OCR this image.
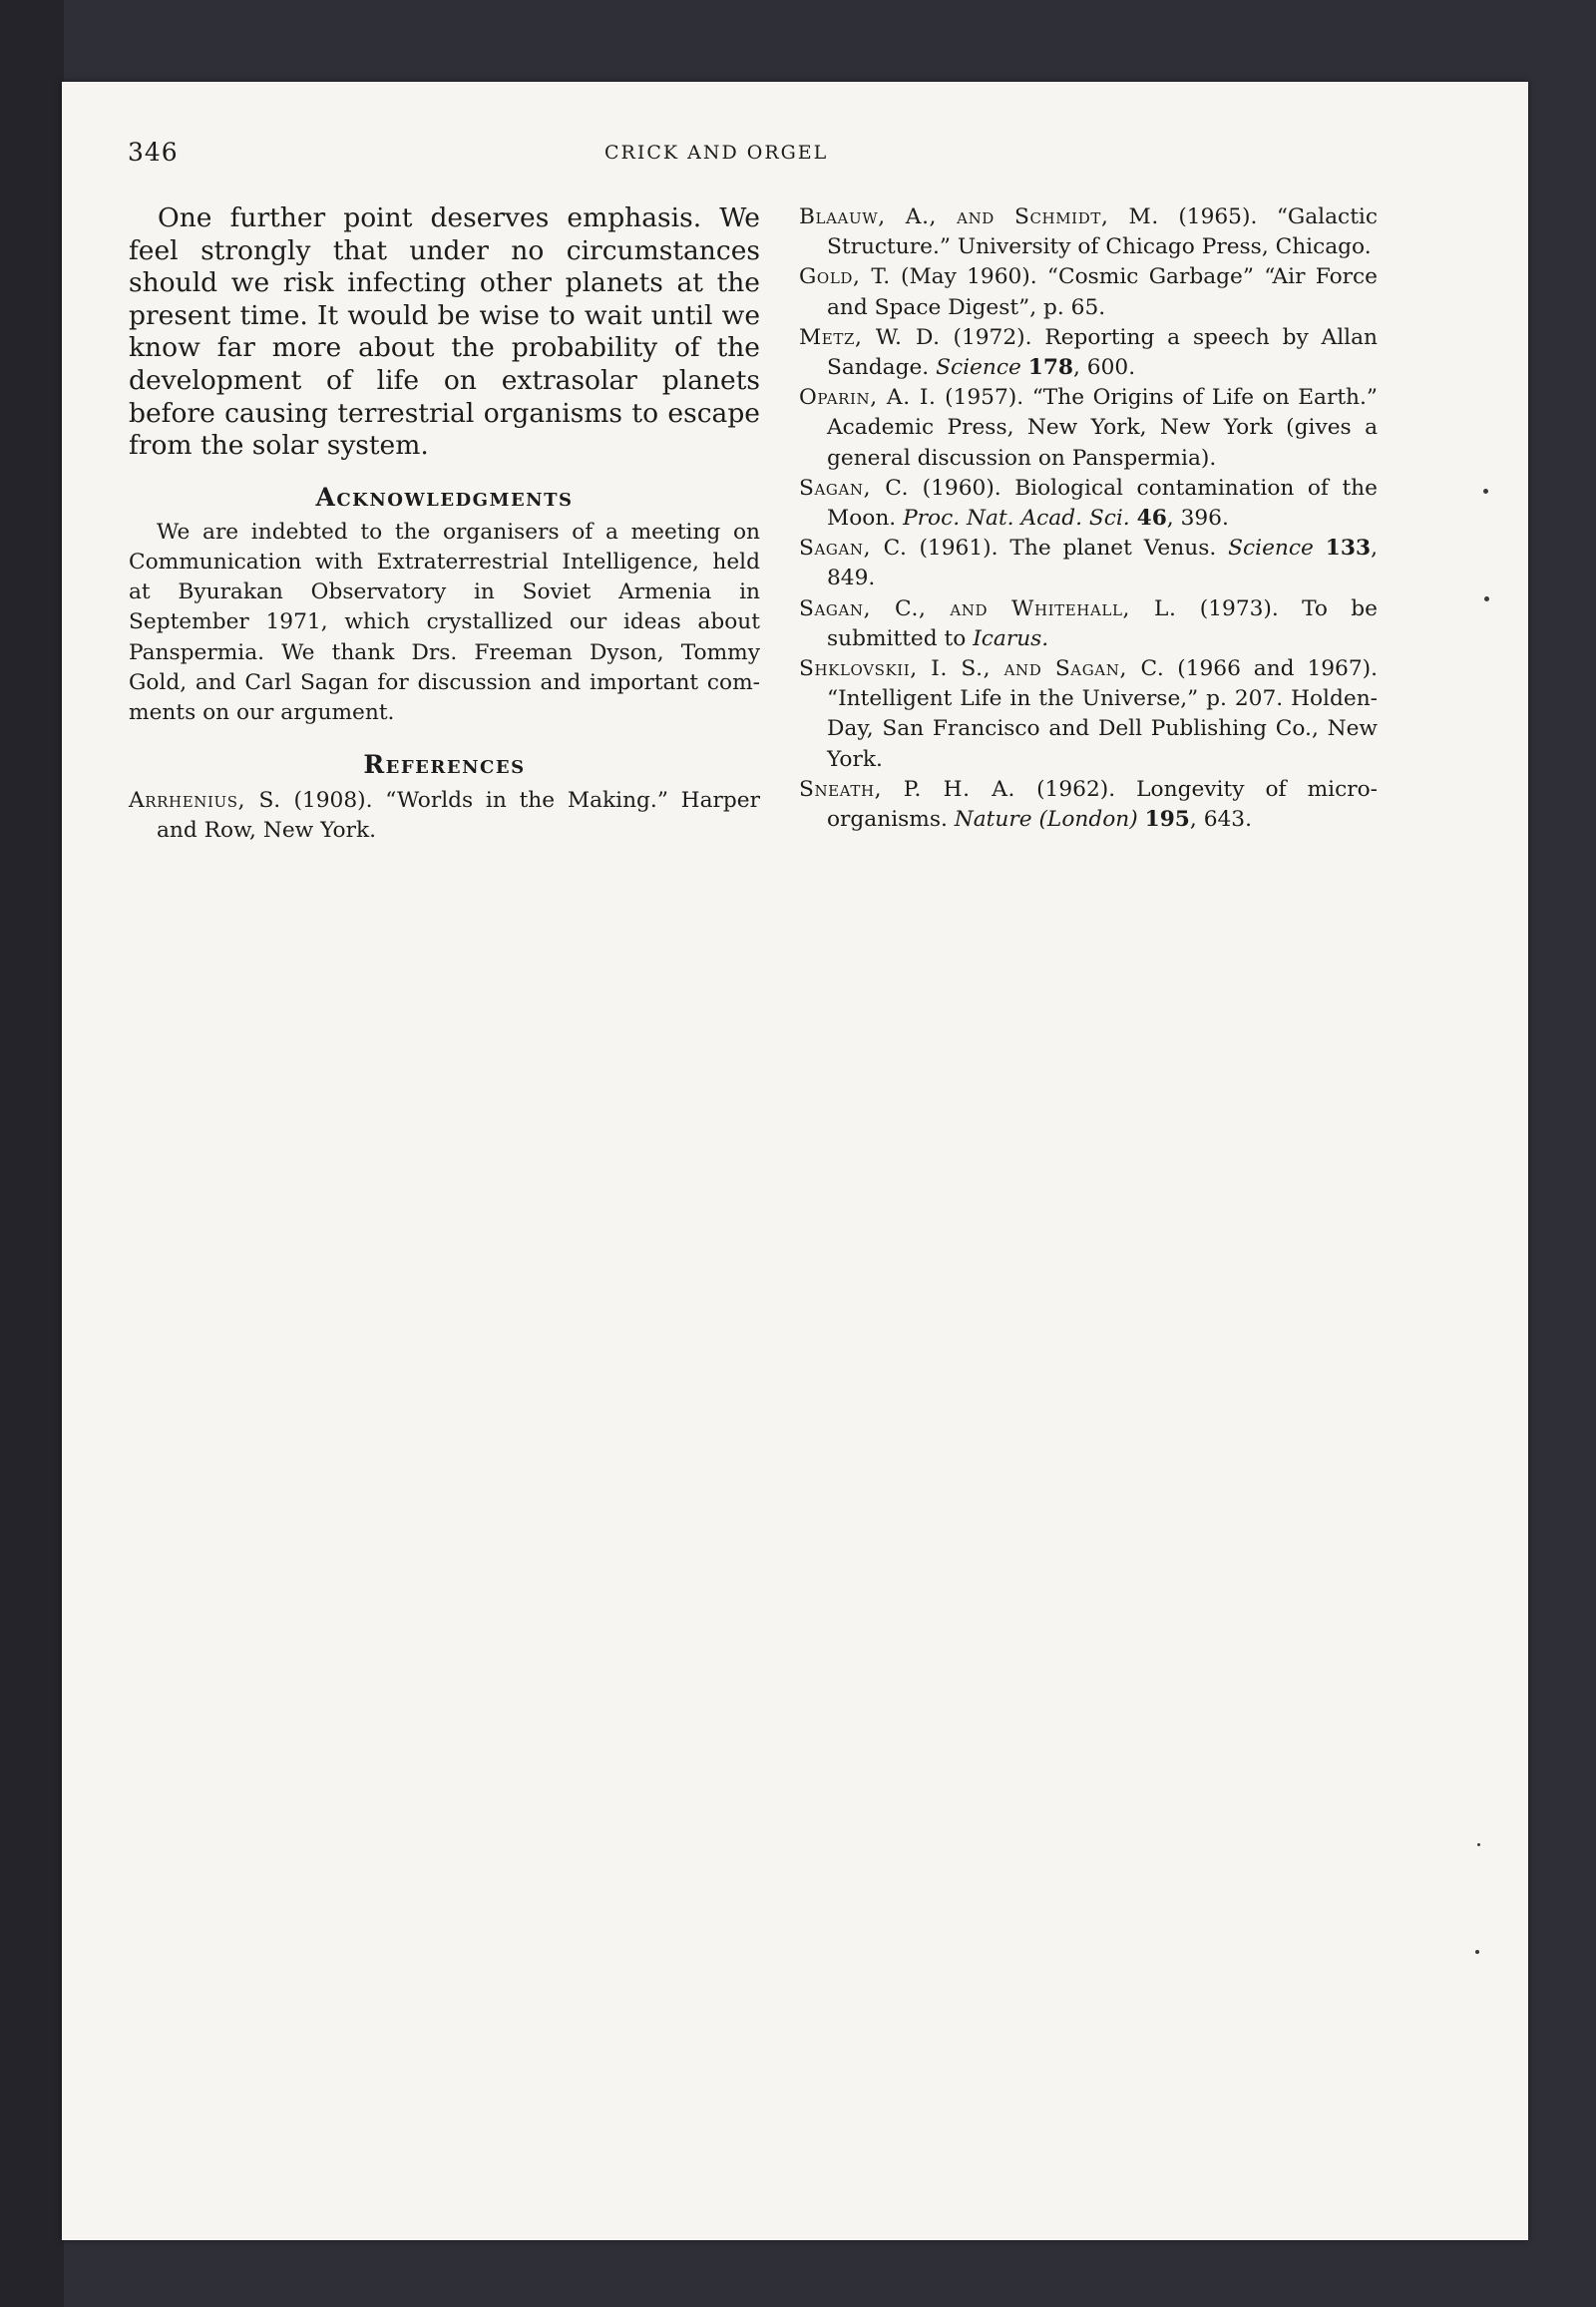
346	CRICK AND ORGEL

One further point deserves emphasis. We feel strongly that under no circumstances should we risk infecting other planets at the present time. It would be wise to wait until we know far more about the probability of the development of life on extrasolar planets before causing terrestrial organisms to escape from the solar system.

Acknowledgments

We are indebted to the organisers of a meeting on Communication with Extraterrestrial Intelligence, held at Byurakan Observatory in Soviet Armenia in September 1971, which crystallized our ideas about Panspermia. We thank Drs. Freeman Dyson, Tommy Gold, and Carl Sagan for discussion and important comments on our argument.

References

Arrhenius, S. (1908). “Worlds in the Making.” Harper and Row, New York.

Blaauw, A., and Schmidt, M. (1965). “Galactic Structure.” University of Chicago Press, Chicago.

Gold, T. (May 1960). “Cosmic Garbage” “Air Force and Space Digest”, p. 65.

Metz, W. D. (1972). Reporting a speech by Allan Sandage. Science 178, 600.

Oparin, A. I. (1957). “The Origins of Life on Earth.” Academic Press, New York, New York (gives a general discussion on Panspermia).

Sagan, C. (1960). Biological contamination of the Moon. Proc. Nat. Acad. Sci. 46, 396.

Sagan, C. (1961). The planet Venus. Science 133, 849.

Sagan, C., and Whitehall, L. (1973). To be submitted to Icarus.

Shklovskii, I. S., and Sagan, C. (1966 and 1967). “Intelligent Life in the Universe,” p. 207. Holden-Day, San Francisco and Dell Publishing Co., New York.

Sneath, P. H. A. (1962). Longevity of microorganisms. Nature (London) 195, 643.
